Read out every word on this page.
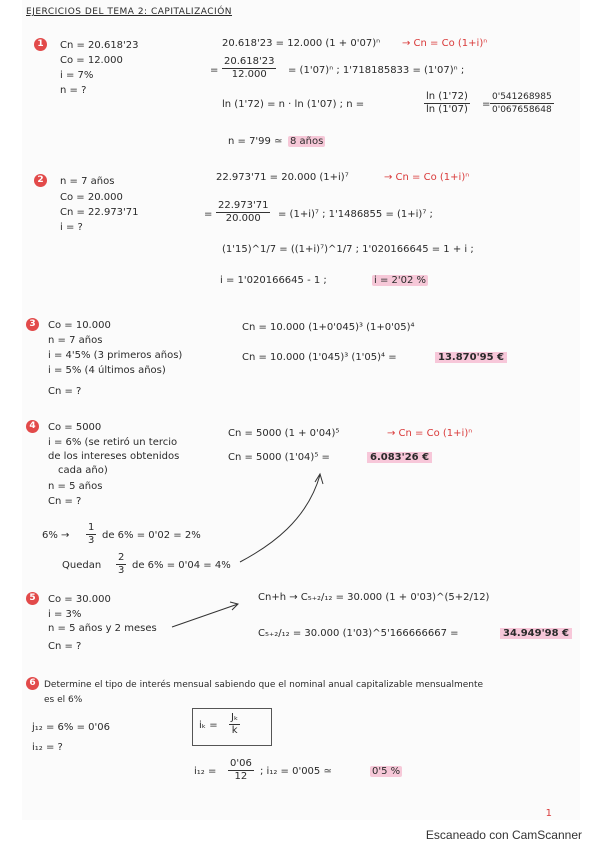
EJERCICIOS DEL TEMA 2: CAPITALIZACIÓN
1	Cn = 20.618'23
Co = 12.000
i = 7%
n = ?
20.618'23 = 12.000 (1 + 0'07)ⁿ → Cn = Co (1+i)ⁿ
= $\frac{20.618'23}{12.000} = (1'07)^n$ ; 1'718185833 = (1'07)ⁿ ;
ln (1'72) = n · ln (1'07) ; n =	$\frac{\ln (1'72)}{\ln (1'07)} = \frac{0'541268985}{0'067658648}$
n = 7'99 ≃ 8 años
2	n = 7 años
Co = 20.000
Cn = 22.973'71
i = ?
22.973'71 = 20.000 (1+i)⁷	→ Cn = Co (1+i)ⁿ
= $\frac{22.973'71}{20.000} = (1+i)^7$ ; 1'1486855 = (1+i)⁷ ;
(1'15)^1/7 = ((1+i)⁷)^1/7 ; 1'020166645 = 1 + i ;
i = 1'020166645 - 1 ;	i = 2'02 %
3	Co = 10.000
n = 7 años
i = 4'5% (3 primeros años)
i = 5% (4 últimos años)
Cn = ?
Cn = 10.000 (1+0'045)³ (1+0'05)⁴
Cn = 10.000 (1'045)³ (1'05)⁴ =	13.870'95 €
4	Co = 5000
i = 6% (se retiró un tercio
de los intereses obtenidos
cada año)
n = 5 años
Cn = ?
Cn = 5000 (1 + 0'04)⁵	→ Cn = Co (1+i)ⁿ
Cn = 5000 (1'04)⁵ =	6.083'26 €
$6\% \to \frac{1}{3}$ de 6% = 0'02 = 2%
Quedan $\frac{2}{3}$ de 6% = 0'04 = 4%
5	Co = 30.000
i = 3%
n = 5 años y 2 meses
Cn = ?
Cn+h → C₅₊₂/₁₂ = 30.000 (1 + 0'03)^(5+2/12)
C₅₊₂/₁₂ = 30.000 (1'03)^5'166666667 =	34.949'98 €
6 Determine el tipo de interés mensual sabiendo que el nominal anual capitalizable mensualmente
es el 6%
j₁₂ = 6% = 0'06
i₁₂ = ?
$i_k = \frac{\text{Jₖ}}{k}$
$i_{12} = \frac{0'06}{12}$ ; i₁₂ = 0'005 ≃	0'5 %
1
Escaneado con CamScanner
